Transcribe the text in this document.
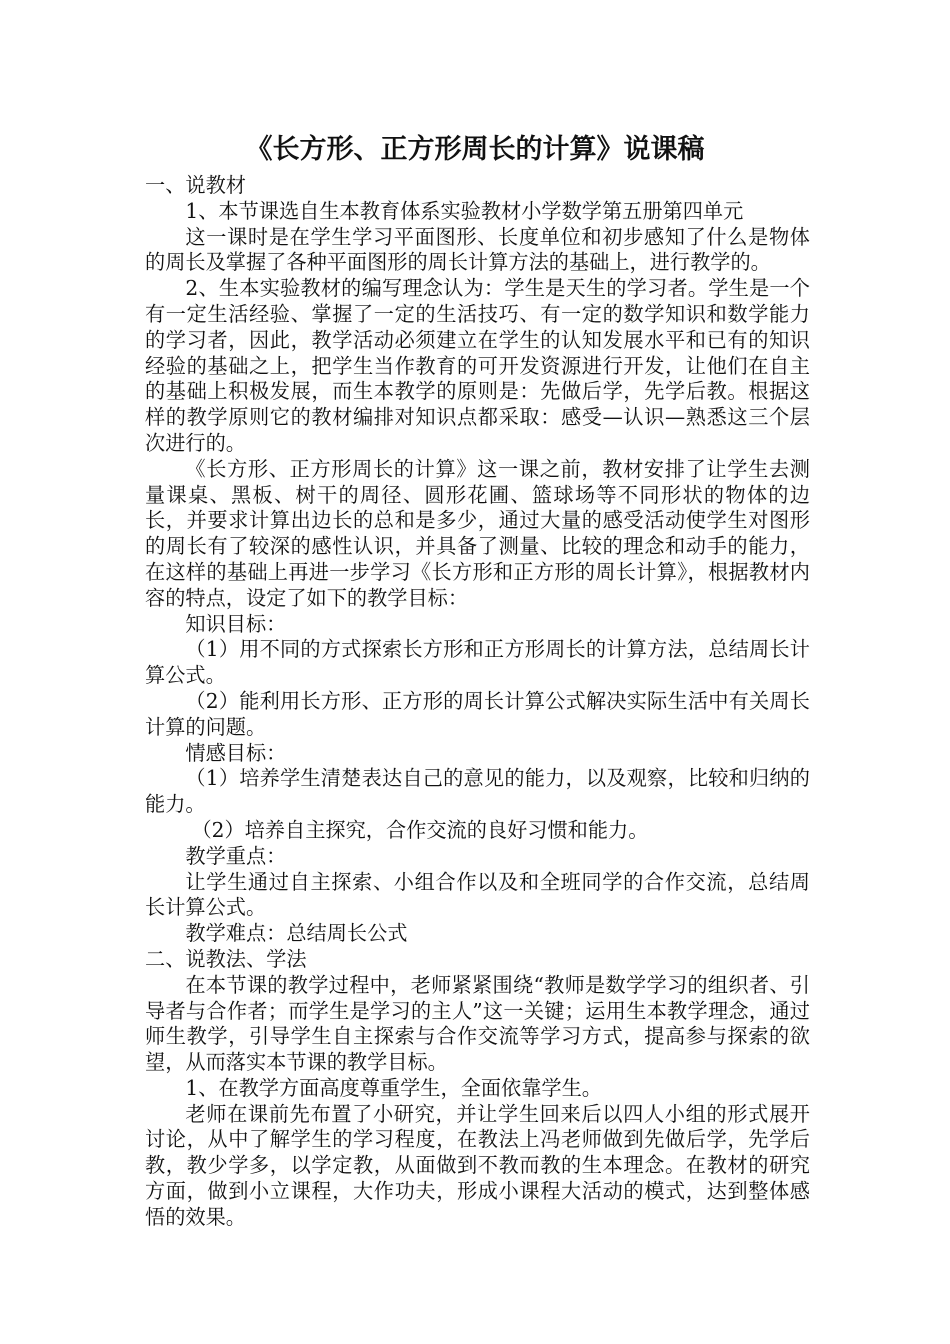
《长方形、正方形周长的计算》说课稿

一、说教材

1、本节课选自生本教育体系实验教材小学数学第五册第四单元

这一课时是在学生学习平面图形、长度单位和初步感知了什么是物体的周长及掌握了各种平面图形的周长计算方法的基础上，进行教学的。

2、生本实验教材的编写理念认为：学生是天生的学习者。学生是一个有一定生活经验、掌握了一定的生活技巧、有一定的数学知识和数学能力的学习者，因此，教学活动必须建立在学生的认知发展水平和已有的知识经验的基础之上，把学生当作教育的可开发资源进行开发，让他们在自主的基础上积极发展，而生本教学的原则是：先做后学，先学后教。根据这样的教学原则它的教材编排对知识点都采取：感受—认识—熟悉这三个层次进行的。

《长方形、正方形周长的计算》这一课之前，教材安排了让学生去测量课桌、黑板、树干的周径、圆形花圃、篮球场等不同形状的物体的边长，并要求计算出边长的总和是多少，通过大量的感受活动使学生对图形的周长有了较深的感性认识，并具备了测量、比较的理念和动手的能力，在这样的基础上再进一步学习《长方形和正方形的周长计算》，根据教材内容的特点，设定了如下的教学目标：

知识目标：

（1）用不同的方式探索长方形和正方形周长的计算方法，总结周长计算公式。

（2）能利用长方形、正方形的周长计算公式解决实际生活中有关周长计算的问题。

情感目标：

（1）培养学生清楚表达自己的意见的能力，以及观察，比较和归纳的能力。

（2）培养自主探究，合作交流的良好习惯和能力。

教学重点：

让学生通过自主探索、小组合作以及和全班同学的合作交流，总结周长计算公式。

教学难点：总结周长公式

二、说教法、学法

在本节课的教学过程中，老师紧紧围绕“教师是数学学习的组织者、引导者与合作者；而学生是学习的主人”这一关键；运用生本教学理念，通过师生教学，引导学生自主探索与合作交流等学习方式，提高参与探索的欲望，从而落实本节课的教学目标。

1、在教学方面高度尊重学生，全面依靠学生。

老师在课前先布置了小研究，并让学生回来后以四人小组的形式展开讨论，从中了解学生的学习程度，在教法上冯老师做到先做后学，先学后教，教少学多，以学定教，从面做到不教而教的生本理念。在教材的研究方面，做到小立课程，大作功夫，形成小课程大活动的模式，达到整体感悟的效果。
